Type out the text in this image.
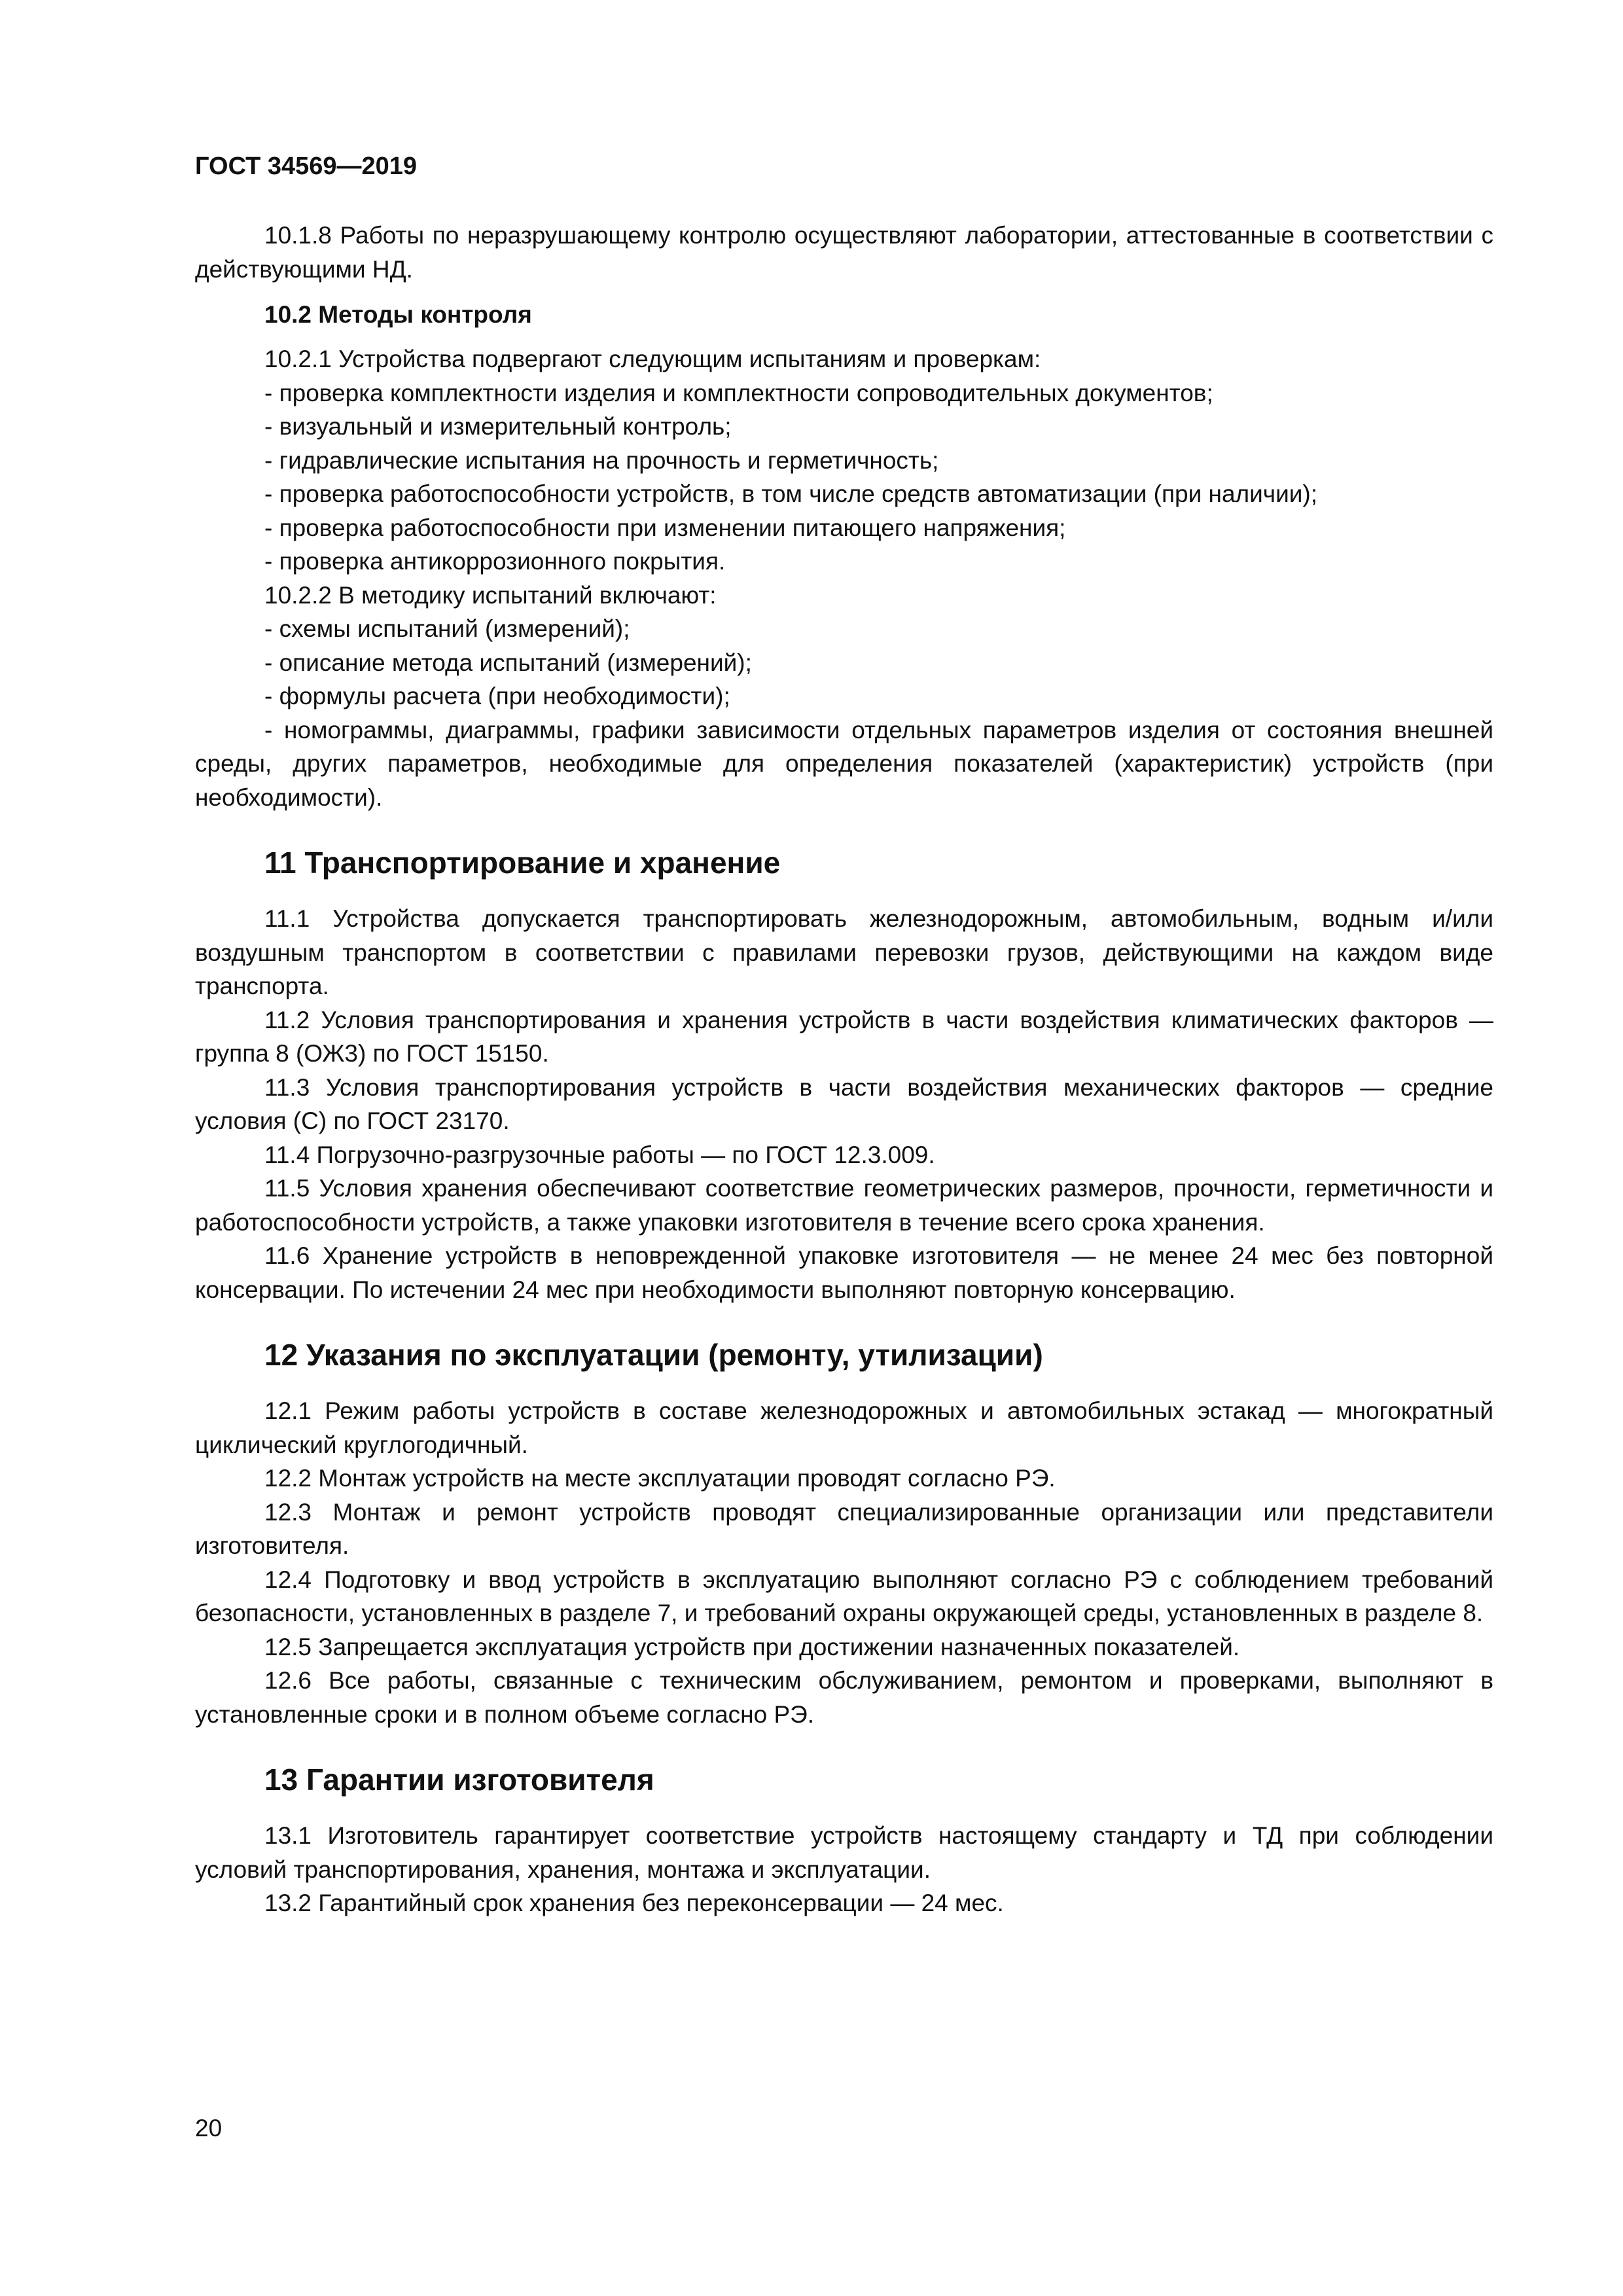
ГОСТ 34569—2019

10.1.8 Работы по неразрушающему контролю осуществляют лаборатории, аттестованные в соответствии с действующими НД.

10.2 Методы контроля

10.2.1 Устройства подвергают следующим испытаниям и проверкам:

- проверка комплектности изделия и комплектности сопроводительных документов;

- визуальный и измерительный контроль;

- гидравлические испытания на прочность и герметичность;

- проверка работоспособности устройств, в том числе средств автоматизации (при наличии);

- проверка работоспособности при изменении питающего напряжения;

- проверка антикоррозионного покрытия.

10.2.2 В методику испытаний включают:

- схемы испытаний (измерений);

- описание метода испытаний (измерений);

- формулы расчета (при необходимости);

- номограммы, диаграммы, графики зависимости отдельных параметров изделия от состояния внешней среды, других параметров, необходимые для определения показателей (характеристик) устройств (при необходимости).

11 Транспортирование и хранение

11.1 Устройства допускается транспортировать железнодорожным, автомобильным, водным и/или воздушным транспортом в соответствии с правилами перевозки грузов, действующими на каждом виде транспорта.

11.2 Условия транспортирования и хранения устройств в части воздействия климатических факторов — группа 8 (ОЖ3) по ГОСТ 15150.

11.3 Условия транспортирования устройств в части воздействия механических факторов — средние условия (С) по ГОСТ 23170.

11.4 Погрузочно-разгрузочные работы — по ГОСТ 12.3.009.

11.5 Условия хранения обеспечивают соответствие геометрических размеров, прочности, герметичности и работоспособности устройств, а также упаковки изготовителя в течение всего срока хранения.

11.6 Хранение устройств в неповрежденной упаковке изготовителя — не менее 24 мес без повторной консервации. По истечении 24 мес при необходимости выполняют повторную консервацию.

12 Указания по эксплуатации (ремонту, утилизации)

12.1 Режим работы устройств в составе железнодорожных и автомобильных эстакад — многократный циклический круглогодичный.

12.2 Монтаж устройств на месте эксплуатации проводят согласно РЭ.

12.3 Монтаж и ремонт устройств проводят специализированные организации или представители изготовителя.

12.4 Подготовку и ввод устройств в эксплуатацию выполняют согласно РЭ с соблюдением требований безопасности, установленных в разделе 7, и требований охраны окружающей среды, установленных в разделе 8.

12.5 Запрещается эксплуатация устройств при достижении назначенных показателей.

12.6 Все работы, связанные с техническим обслуживанием, ремонтом и проверками, выполняют в установленные сроки и в полном объеме согласно РЭ.

13 Гарантии изготовителя

13.1 Изготовитель гарантирует соответствие устройств настоящему стандарту и ТД при соблюдении условий транспортирования, хранения, монтажа и эксплуатации.

13.2 Гарантийный срок хранения без переконсервации — 24 мес.

20
